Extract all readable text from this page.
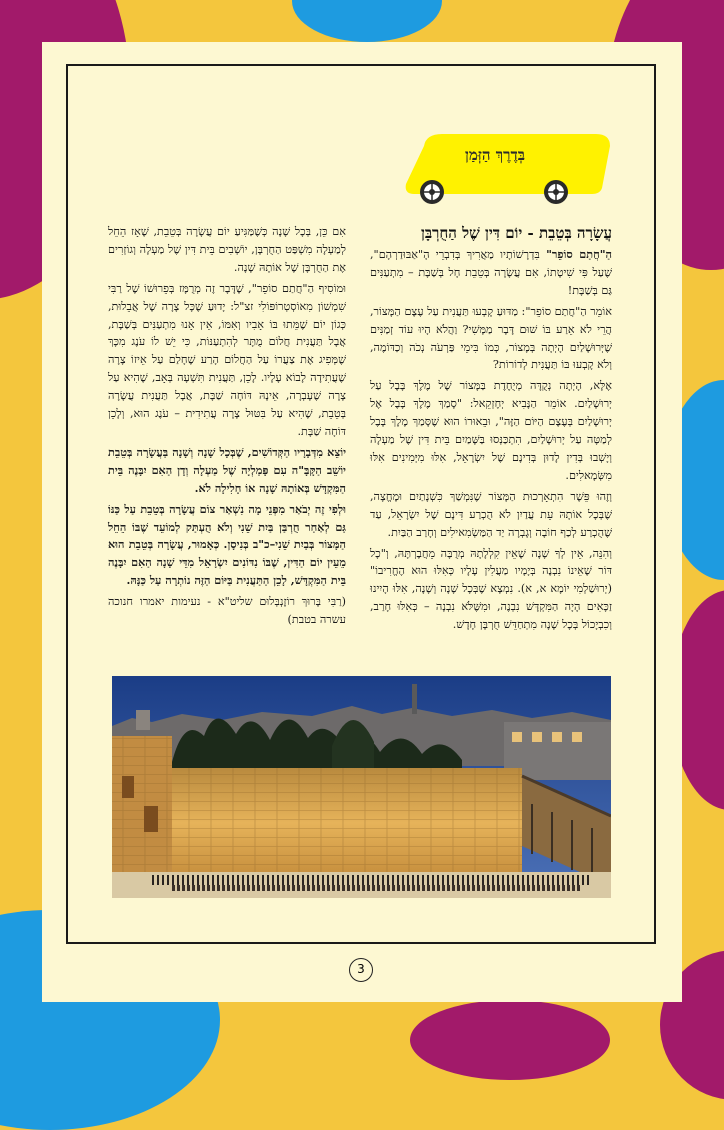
בְּדֶרֶךְ הַזְּמַן
עֲשָׂרָה בְּטֵבֵת - יוֹם דִּין שֶׁל הַחֻרְבָּן

הַ"חֲתַם סוֹפֵר" בִּדְרָשׁוֹתָיו מַאֲרִיךְ בְּדִבְרֵי הָ"אַבּוּדַרְהָם", שֶׁעַל פִּי שִׁיטָתוֹ, אִם עֲשָׂרָה בְּטֵבֵת חָל בְּשַׁבָּת – מִתְעַנִּים גַּם בְּשַׁבָּת!

אוֹמֵר הַ"חֲתַם סוֹפֵר": מַדּוּעַ קָבְעוּ תַּעֲנִית עַל עֶצֶם הַמָּצוֹר, הֲרֵי לֹא אֵרַע בּוֹ שׁוּם דָּבָר מַמָּשִׁי? וַהֲלֹא הָיוּ עוֹד זְמַנִּים שֶׁיְּרוּשָׁלַיִם הָיְתָה בְּמָצוֹר, כְּמוֹ בִּימֵי פַּרְעֹה נְכֹה וְכַדּוֹמֶה, וְלֹא קָבְעוּ בּוֹ תַּעֲנִית לְדוֹרוֹת?

אֶלָּא, הָיְתָה נְקֻדָּה מְיֻחֶדֶת בַּמָּצוֹר שֶׁל מֶלֶךְ בָּבֶל עַל יְרוּשָׁלַיִם. אוֹמֵר הַנָּבִיא יְחֶזְקֵאל: "סָמַךְ מֶלֶךְ בָּבֶל אֶל יְרוּשָׁלַיִם בְּעֶצֶם הַיּוֹם הַזֶּה", וּבֵאוּרוֹ הוּא שֶׁסָּמַךְ מֶלֶךְ בָּבֶל לְמַטָּה עַל יְרוּשָׁלַיִם, הִתְכַּנְּסוּ בַּשָּׁמַיִם בֵּית דִּין שֶׁל מַעְלָה וְיָשְׁבוּ בְּדִין לָדוּן בְּדִינָם שֶׁל יִשְׂרָאֵל, אִלּוּ מִיְּמִינִים אִלּוּ מִשְּׂמָאלִים.

וְזֶהוּ פֵּשֶׁר הִתְאָרְכוּת הַמָּצוֹר שֶׁנִּמְשַׁךְ כִּשְׁנָתַיִם וּמֶחֱצָה, שֶׁבְּכָל אוֹתָהּ עֵת עֲדַיִן לֹא הֻכְרַע דִּינָם שֶׁל יִשְׂרָאֵל, עַד שֶׁהֻכְרַע לְכַף חוֹבָה וְגָבְרָה יַד הַמַּשְׂמִאילִים וְחָרַב הַבַּיִת.

וְהִנֵּה, אֵין לְךָ שָׁנָה שֶׁאֵין קִלְלָתָהּ מְרֻבָּה מֵחֲבֶרְתָּהּ, וְ"כָל דּוֹר שֶׁאֵינוֹ נִבְנֶה בְּיָמָיו מַעֲלִין עָלָיו כְּאִלּוּ הוּא הֶחֱרִיבוֹ" (יְרוּשַׁלְמִי יוֹמָא א, א). נִמְצָא שֶׁבְּכָל שָׁנָה וְשָׁנָה, אִלּוּ הָיִינוּ זַכָּאִים הָיָה הַמִּקְדָּשׁ נִבְנֶה, וּמִשֶּׁלֹּא נִבְנָה – כְּאִלּוּ חָרַב, וְכִבְיָכוֹל בְּכָל שָׁנָה מִתְחַדֵּשׁ חֻרְבָּן חָדָשׁ.

אִם כֵּן, בְּכָל שָׁנָה כְּשֶׁמַּגִּיעַ יוֹם עֲשָׂרָה בְּטֵבֵת, שֶׁאָז הֵחֵל לְמַעְלָה מִשְׁפַּט הַחֻרְבָּן, יוֹשְׁבִים בֵּית דִּין שֶׁל מַעְלָה וְגוֹזְרִים אֶת הַחֻרְבָּן שֶׁל אוֹתָהּ שָׁנָה.

וּמוֹסִיף הַ"חֲתַם סוֹפֵר", שֶׁדָּבָר זֶה מְרֻמָּז בְּפֵרוּשׁוֹ שֶׁל רַבִּי שִׁמְשׁוֹן מִאוֹסְטְרוֹפּוֹלִי זצ"ל: יָדוּעַ שֶׁכָּל צָרָה שֶׁל אֲבֵלוּת, כְּגוֹן יוֹם שֶׁמֵּתוּ בּוֹ אָבִיו וְאִמּוֹ, אֵין אָנוּ מִתְעַנִּים בְּשַׁבָּת, אֲבָל תַּעֲנִית חֲלוֹם מֻתָּר לְהִתְעַנּוֹת, כִּי יֵשׁ לוֹ עֹנֶג מִכָּךְ שֶׁמְּפִיג אֶת צַעֲרוֹ עַל הַחֲלוֹם הָרַע שֶׁחָלַם עַל אֵיזוֹ צָרָה שֶׁעֲתִידָה לָבוֹא עָלָיו. לָכֵן, תַּעֲנִית תִּשְׁעָה בְּאָב, שֶׁהִיא עַל צָרָה שֶׁעָבְרָה, אֵינָהּ דּוֹחָה שַׁבָּת, אֲבָל תַּעֲנִית עֲשָׂרָה בְּטֵבֵת, שֶׁהִיא עַל בִּטּוּל צָרָה עֲתִידִית – עֹנֶג הוּא, וְלָכֵן דּוֹחָה שַׁבָּת.

יוֹצֵא מִדְּבָרָיו הַקְּדוֹשִׁים, שֶׁבְּכָל שָׁנָה וְשָׁנָה בַּעֲשָׂרָה בְּטֵבֵת יוֹשֵׁב הַקָּבָּ"ה עִם פָּמַלְיָה שֶׁל מַעְלָה וְדָן הַאִם יִבָּנֶה בֵּית הַמִּקְדָּשׁ בְּאוֹתָהּ שָׁנָה אוֹ חָלִילָה לֹא.

וּלְפִי זֶה יְבֹאַר מִפְּנֵי מָה נִשְׁאַר צוֹם עֲשָׂרָה בְּטֵבֵת עַל כַּנּוֹ גַּם לְאַחַר חֻרְבַּן בַּיִת שֵׁנִי וְלֹא הֻעְתַּק לְמוֹעֵד שֶׁבּוֹ הֵחֵל הַמָּצוֹר בְּבַיִת שֵׁנִי–כ"ב בְּנִיסָן. כְּאָמוּר, עֲשָׂרָה בְּטֵבֵת הוּא מֵעֵין יוֹם הַדִּין, שֶׁבּוֹ נִדּוֹנִים יִשְׂרָאֵל מִדֵּי שָׁנָה הַאִם יִבָּנֶה בֵּית הַמִּקְדָּשׁ, לָכֵן הַתַּעֲנִית בַּיּוֹם הַזֶּה נוֹתְרָה עַל כַּנָּהּ.

(רַבִּי בָּרוּךְ רוֹזֶנְבְּלוּם שליט"א - נעימות יאמרו חנוכה עשרה בטבת)

3
